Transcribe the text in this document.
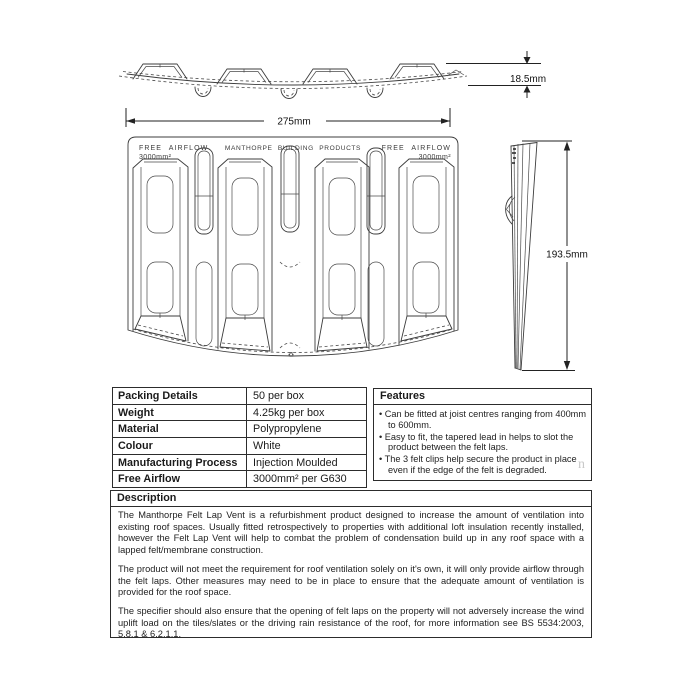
18.5mm
275mm
FREE AIRFLOW
3000mm²
MANTHORPE BUILDING PRODUCTS	FREE AIRFLOW
3000mm²
♻
193.5mm
Packing Details	50 per box
Weight	4.25kg per box
Material	Polypropylene
Colour	White
Manufacturing Process	Injection Moulded
Free Airflow	3000mm² per G630
Features
• Can be fitted at joist centres ranging from 400mm to 600mm.
• Easy to fit, the tapered lead in helps to slot the product between the felt laps.
• The 3 felt clips help secure the product in place even if the edge of the felt is degraded.	n
Description

The Manthorpe Felt Lap Vent is a refurbishment product designed to increase the amount of ventilation into existing roof spaces. Usually fitted retrospectively to properties with additional loft insulation recently installed, however the Felt Lap Vent will help to combat the problem of condensation build up in any roof space with a lapped felt/membrane construction.

The product will not meet the requirement for roof ventilation solely on it's own, it will only provide airflow through the felt laps. Other measures may need to be in place to ensure that the adequate amount of ventilation is provided for the roof space.

The specifier should also ensure that the opening of felt laps on the property will not adversely increase the wind uplift load on the tiles/slates or the driving rain resistance of the roof, for more information see BS 5534:2003, 5.8.1 & 6.2.1.1.
